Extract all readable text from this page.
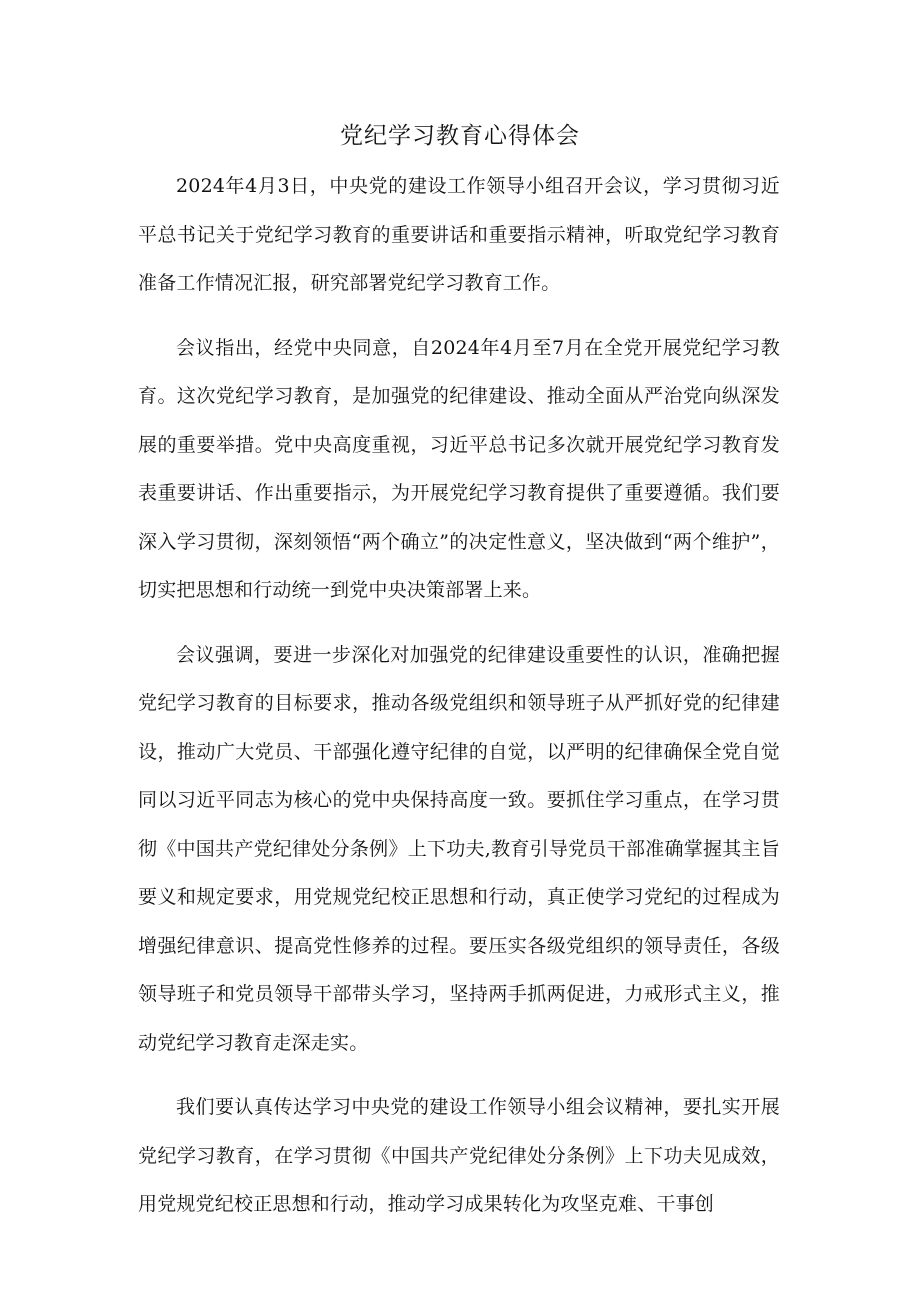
党纪学习教育心得体会

2024年4月3日，中央党的建设工作领导小组召开会议，学习贯彻习近平总书记关于党纪学习教育的重要讲话和重要指示精神，听取党纪学习教育准备工作情况汇报，研究部署党纪学习教育工作。

会议指出，经党中央同意，自2024年4月至7月在全党开展党纪学习教育。这次党纪学习教育，是加强党的纪律建设、推动全面从严治党向纵深发展的重要举措。党中央高度重视，习近平总书记多次就开展党纪学习教育发表重要讲话、作出重要指示，为开展党纪学习教育提供了重要遵循。我们要深入学习贯彻，深刻领悟“两个确立”的决定性意义，坚决做到“两个维护”，切实把思想和行动统一到党中央决策部署上来。

会议强调，要进一步深化对加强党的纪律建设重要性的认识，准确把握党纪学习教育的目标要求，推动各级党组织和领导班子从严抓好党的纪律建设，推动广大党员、干部强化遵守纪律的自觉，以严明的纪律确保全党自觉同以习近平同志为核心的党中央保持高度一致。要抓住学习重点，在学习贯彻《中国共产党纪律处分条例》上下功夫,教育引导党员干部准确掌握其主旨要义和规定要求，用党规党纪校正思想和行动，真正使学习党纪的过程成为增强纪律意识、提高党性修养的过程。要压实各级党组织的领导责任，各级领导班子和党员领导干部带头学习，坚持两手抓两促进，力戒形式主义，推动党纪学习教育走深走实。

我们要认真传达学习中央党的建设工作领导小组会议精神，要扎实开展党纪学习教育，在学习贯彻《中国共产党纪律处分条例》上下功夫见成效，用党规党纪校正思想和行动，推动学习成果转化为攻坚克难、干事创
